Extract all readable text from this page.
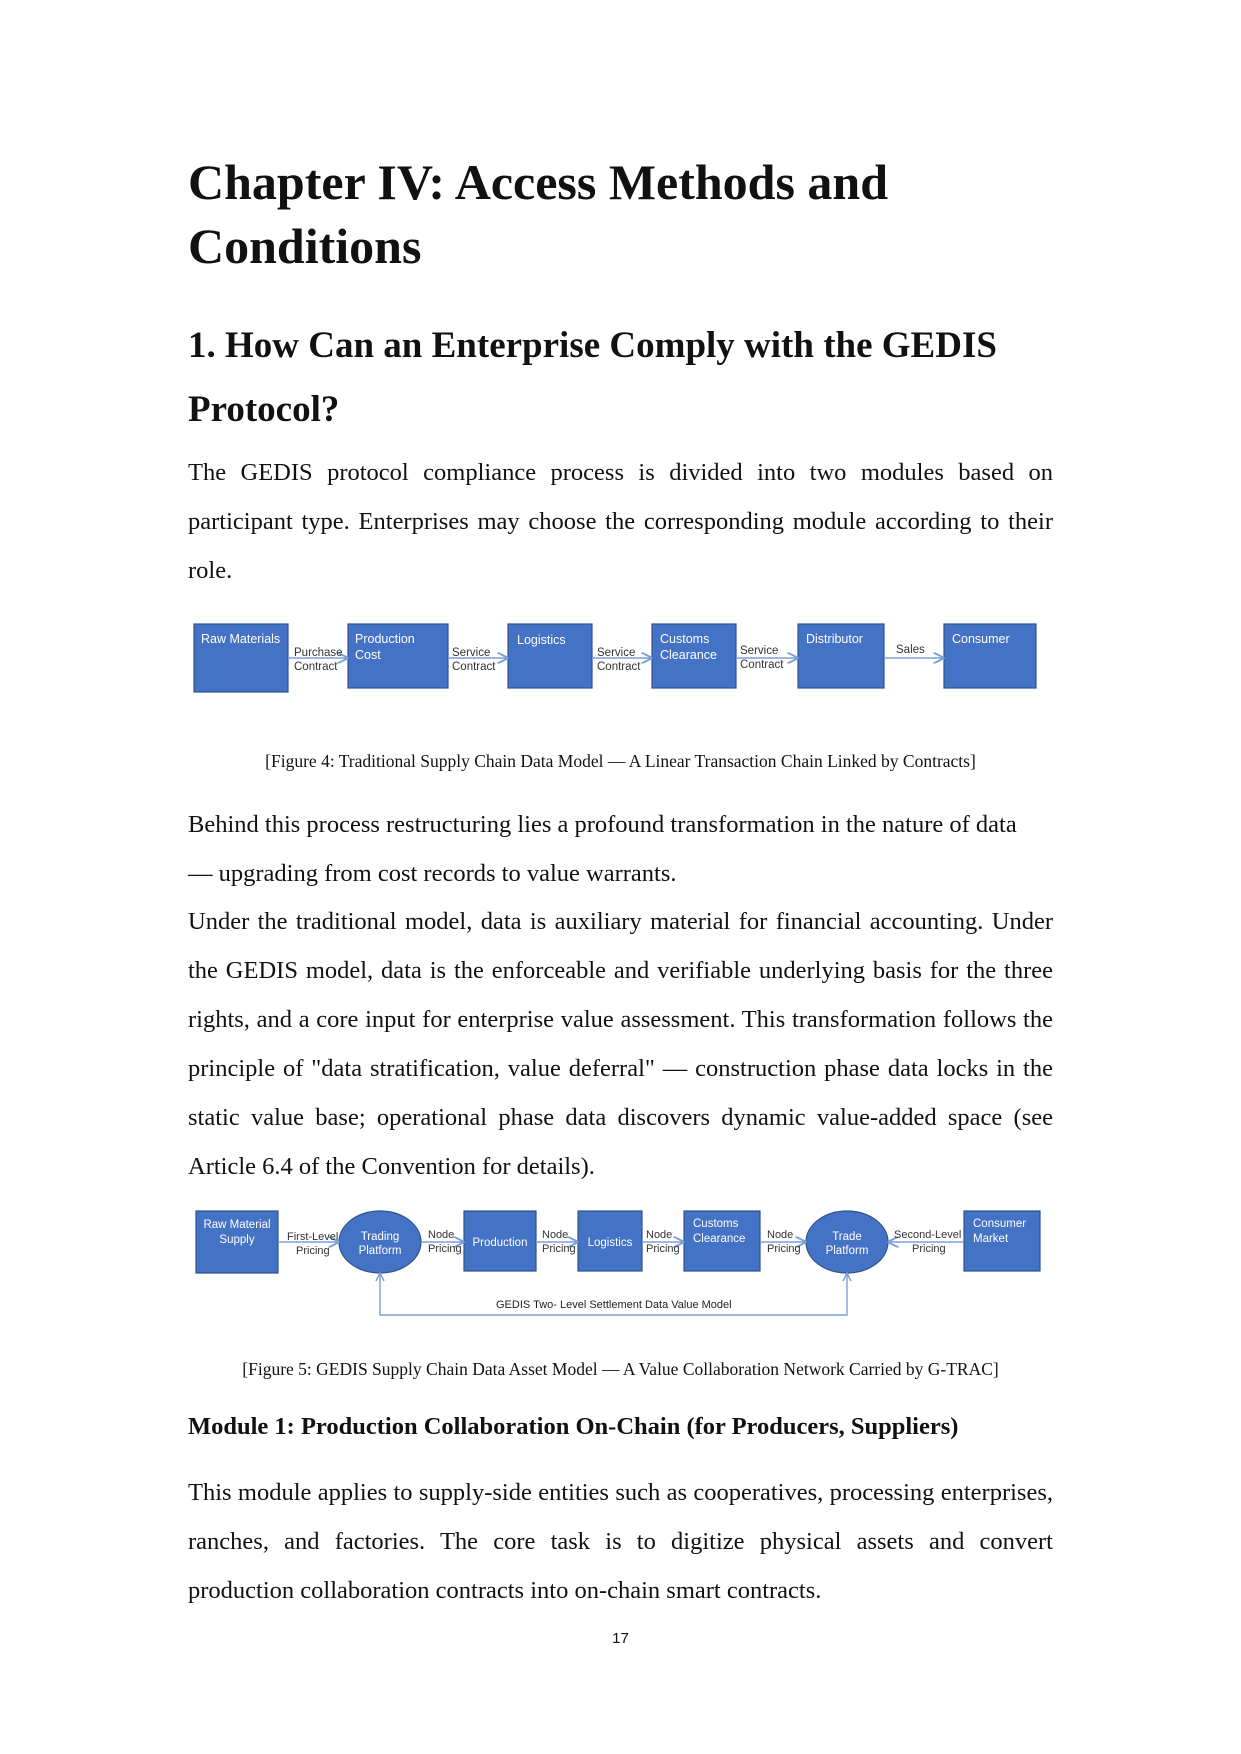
Chapter IV: Access Methods and
Conditions
1. How Can an Enterprise Comply with the GEDIS
Protocol?

The GEDIS protocol compliance process is divided into two modules based on participant type. Enterprises may choose the corresponding module according to their role.

Raw Materials	Production Cost
Logistics	Customs Clearance
Distributor	Consumer
Purchase Contract
Service Contract
Service Contract
Service Contract
Sales
[Figure 4: Traditional Supply Chain Data Model — A Linear Transaction Chain Linked by Contracts]

Behind this process restructuring lies a profound transformation in the nature of data
— upgrading from cost records to value warrants.

Under the traditional model, data is auxiliary material for financial accounting. Under the GEDIS model, data is the enforceable and verifiable underlying basis for the three rights, and a core input for enterprise value assessment. This transformation follows the principle of "data stratification, value deferral" — construction phase data locks in the static value base; operational phase data discovers dynamic value-added space (see Article 6.4 of the Convention for details).

Raw Material Supply	Trading Platform
Production	Logistics
Customs Clearance	Trade Platform
Consumer Market
First-Level Pricing
Node Pricing
Node Pricing
Node Pricing
Node Pricing
Second-Level Pricing
GEDIS Two- Level Settlement Data Value Model
[Figure 5: GEDIS Supply Chain Data Asset Model — A Value Collaboration Network Carried by G-TRAC]

Module 1: Production Collaboration On-Chain (for Producers, Suppliers)

This module applies to supply-side entities such as cooperatives, processing enterprises, ranches, and factories. The core task is to digitize physical assets and convert production collaboration contracts into on-chain smart contracts.

17
